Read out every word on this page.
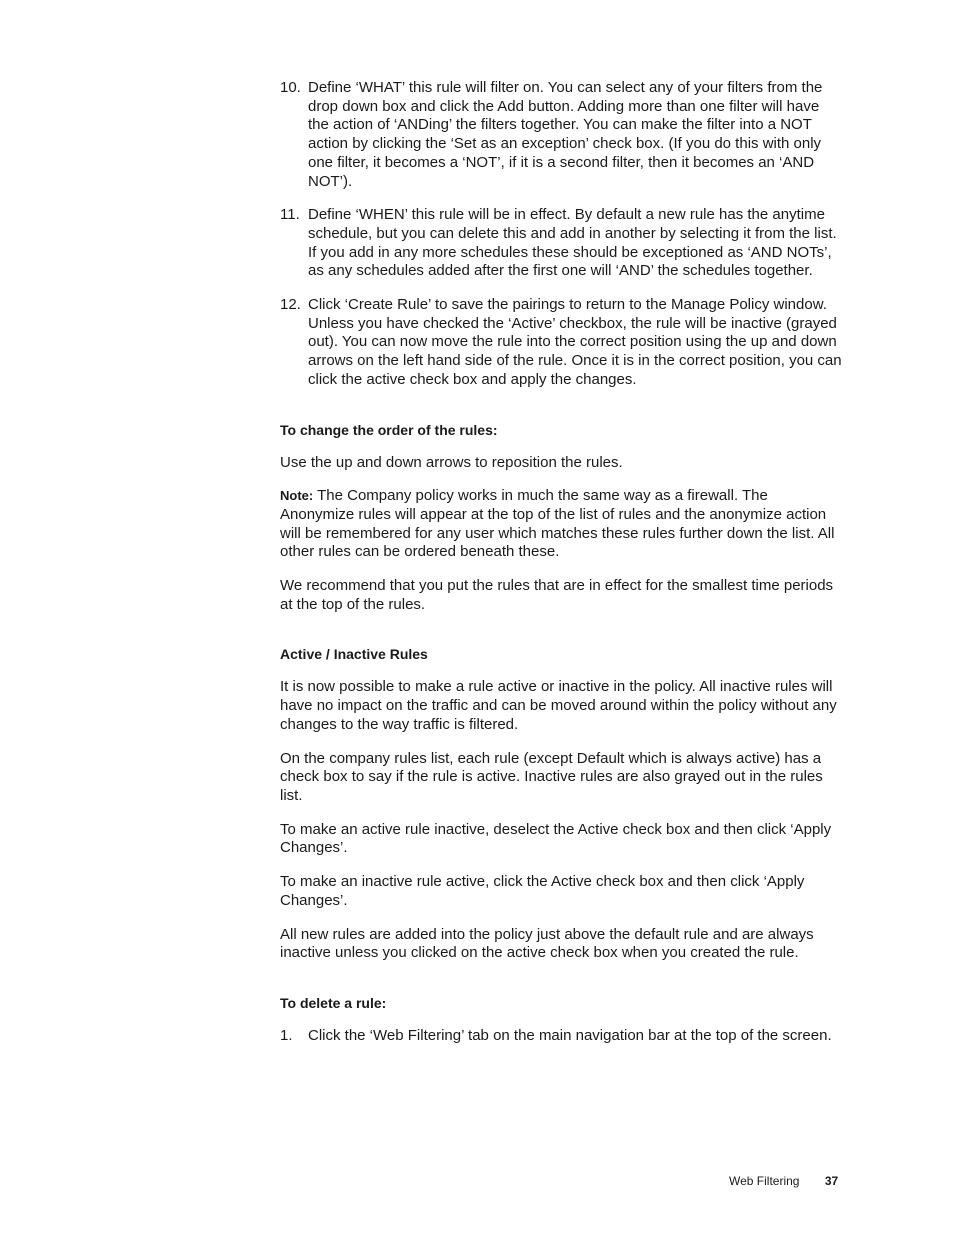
10. Define ‘WHAT’ this rule will filter on. You can select any of your filters from the drop down box and click the Add button. Adding more than one filter will have the action of ‘ANDing’ the filters together. You can make the filter into a NOT action by clicking the ‘Set as an exception’ check box. (If you do this with only one filter, it becomes a ‘NOT’, if it is a second filter, then it becomes an ‘AND NOT’).
11. Define ‘WHEN’ this rule will be in effect. By default a new rule has the anytime schedule, but you can delete this and add in another by selecting it from the list. If you add in any more schedules these should be exceptioned as ‘AND NOTs’, as any schedules added after the first one will ‘AND’ the schedules together.
12. Click ‘Create Rule’ to save the pairings to return to the Manage Policy window. Unless you have checked the ‘Active’ checkbox, the rule will be inactive (grayed out). You can now move the rule into the correct position using the up and down arrows on the left hand side of the rule. Once it is in the correct position, you can click the active check box and apply the changes.
To change the order of the rules:

Use the up and down arrows to reposition the rules.

Note: The Company policy works in much the same way as a firewall. The Anonymize rules will appear at the top of the list of rules and the anonymize action will be remembered for any user which matches these rules further down the list. All other rules can be ordered beneath these.

We recommend that you put the rules that are in effect for the smallest time periods at the top of the rules.

Active / Inactive Rules

It is now possible to make a rule active or inactive in the policy. All inactive rules will have no impact on the traffic and can be moved around within the policy without any changes to the way traffic is filtered.

On the company rules list, each rule (except Default which is always active) has a check box to say if the rule is active. Inactive rules are also grayed out in the rules list.

To make an active rule inactive, deselect the Active check box and then click ‘Apply Changes’.

To make an inactive rule active, click the Active check box and then click ‘Apply Changes’.

All new rules are added into the policy just above the default rule and are always inactive unless you clicked on the active check box when you created the rule.

To delete a rule:
1.	Click the ‘Web Filtering’ tab on the main navigation bar at the top of the screen.
Web Filtering 37
